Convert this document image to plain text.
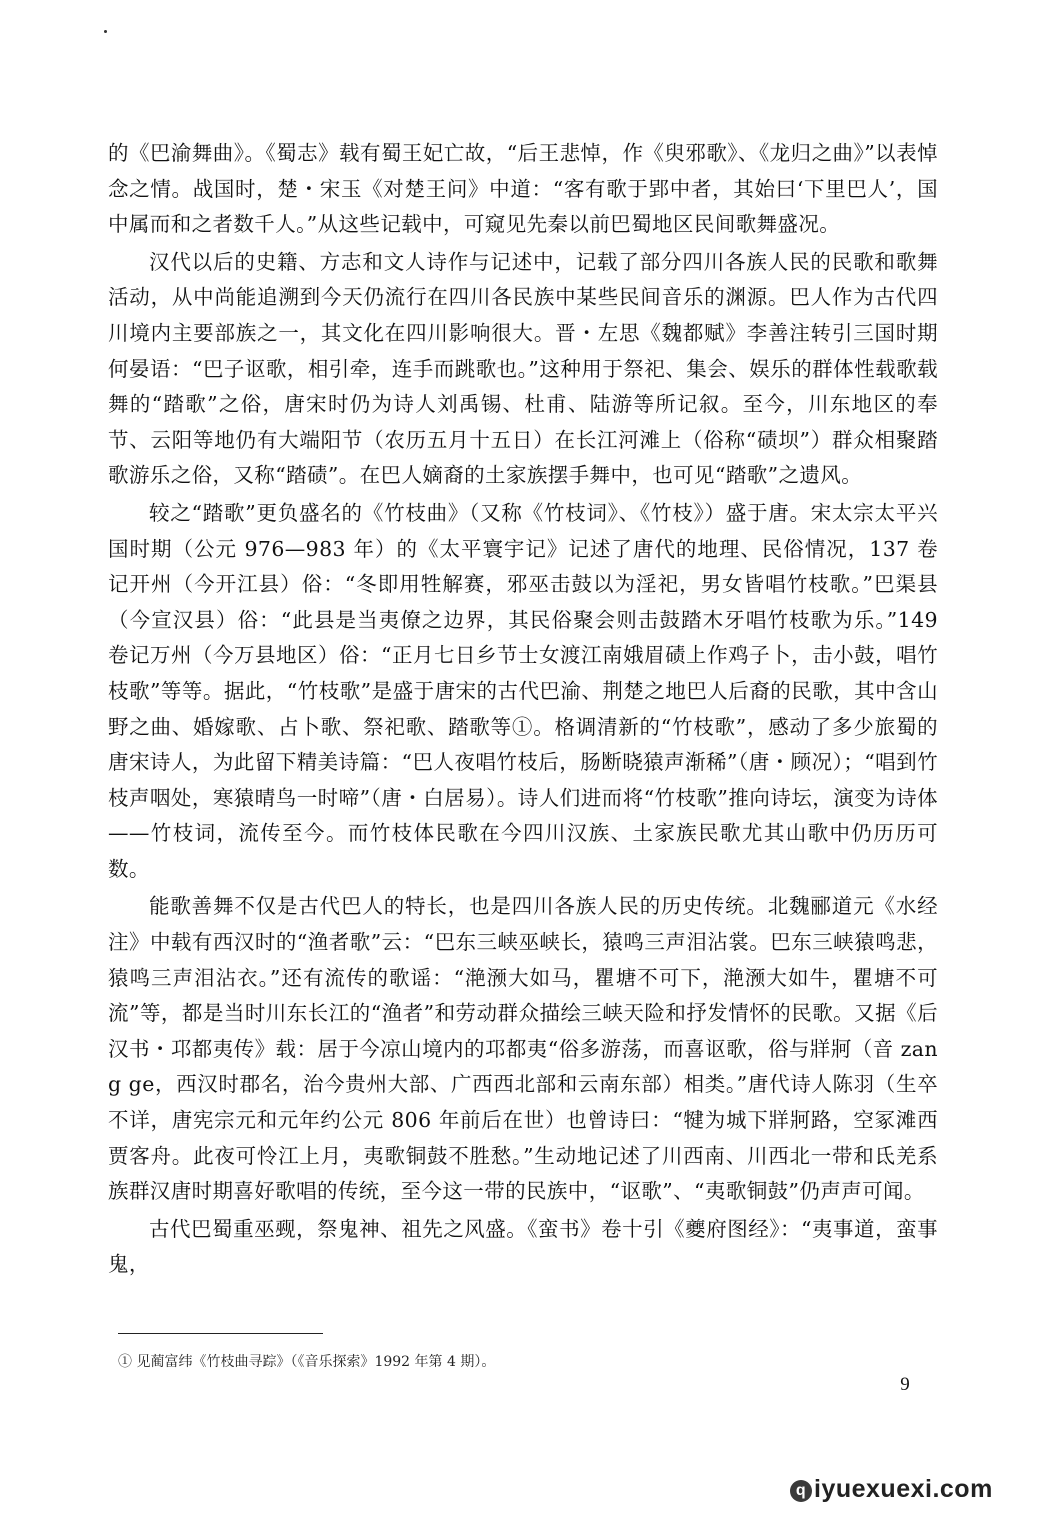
的《巴渝舞曲》。《蜀志》载有蜀王妃亡故，“后王悲悼，作《臾邪歌》、《龙归之曲》”以表悼念之情。战国时，楚・宋玉《对楚王问》中道：“客有歌于郢中者，其始曰‘下里巴人’，国中属而和之者数千人。”从这些记载中，可窥见先秦以前巴蜀地区民间歌舞盛况。

汉代以后的史籍、方志和文人诗作与记述中，记载了部分四川各族人民的民歌和歌舞活动，从中尚能追溯到今天仍流行在四川各民族中某些民间音乐的渊源。巴人作为古代四川境内主要部族之一，其文化在四川影响很大。晋・左思《魏都赋》李善注转引三国时期何晏语：“巴子讴歌，相引牵，连手而跳歌也。”这种用于祭祀、集会、娱乐的群体性载歌载舞的“踏歌”之俗，唐宋时仍为诗人刘禹锡、杜甫、陆游等所记叙。至今，川东地区的奉节、云阳等地仍有大端阳节（农历五月十五日）在长江河滩上（俗称“碛坝”）群众相聚踏歌游乐之俗，又称“踏碛”。在巴人嫡裔的土家族摆手舞中，也可见“踏歌”之遗风。

较之“踏歌”更负盛名的《竹枝曲》（又称《竹枝词》、《竹枝》）盛于唐。宋太宗太平兴国时期（公元 976—983 年）的《太平寰宇记》记述了唐代的地理、民俗情况，137 卷记开州（今开江县）俗：“冬即用牲解赛，邪巫击鼓以为淫祀，男女皆唱竹枝歌。”巴渠县（今宣汉县）俗：“此县是当夷僚之边界，其民俗聚会则击鼓踏木牙唱竹枝歌为乐。”149 卷记万州（今万县地区）俗：“正月七日乡节士女渡江南娥眉碛上作鸡子卜，击小鼓，唱竹枝歌”等等。据此，“竹枝歌”是盛于唐宋的古代巴渝、荆楚之地巴人后裔的民歌，其中含山野之曲、婚嫁歌、占卜歌、祭祀歌、踏歌等①。格调清新的“竹枝歌”，感动了多少旅蜀的唐宋诗人，为此留下精美诗篇：“巴人夜唱竹枝后，肠断晓猿声渐稀”（唐・顾况）；“唱到竹枝声咽处，寒猿晴鸟一时啼”（唐・白居易）。诗人们进而将“竹枝歌”推向诗坛，演变为诗体——竹枝词，流传至今。而竹枝体民歌在今四川汉族、土家族民歌尤其山歌中仍历历可数。

能歌善舞不仅是古代巴人的特长，也是四川各族人民的历史传统。北魏郦道元《水经注》中载有西汉时的“渔者歌”云：“巴东三峡巫峡长，猿鸣三声泪沾裳。巴东三峡猿鸣悲，猿鸣三声泪沾衣。”还有流传的歌谣：“滟滪大如马，瞿塘不可下，滟滪大如牛，瞿塘不可流”等，都是当时川东长江的“渔者”和劳动群众描绘三峡天险和抒发情怀的民歌。又据《后汉书・邛都夷传》载：居于今凉山境内的邛都夷“俗多游荡，而喜讴歌，俗与牂牁（音 zang ge，西汉时郡名，治今贵州大部、广西西北部和云南东部）相类。”唐代诗人陈羽（生卒不详，唐宪宗元和元年约公元 806 年前后在世）也曾诗曰：“犍为城下牂牁路，空冢滩西贾客舟。此夜可怜江上月，夷歌铜鼓不胜愁。”生动地记述了川西南、川西北一带和氐羌系族群汉唐时期喜好歌唱的传统，至今这一带的民族中，“讴歌”、“夷歌铜鼓”仍声声可闻。

古代巴蜀重巫觋，祭鬼神、祖先之风盛。《蛮书》卷十引《夔府图经》：“夷事道，蛮事鬼，

① 见蔺富纬《竹枝曲寻踪》（《音乐探索》1992 年第 4 期）。
9
q iyuexuexi.com
